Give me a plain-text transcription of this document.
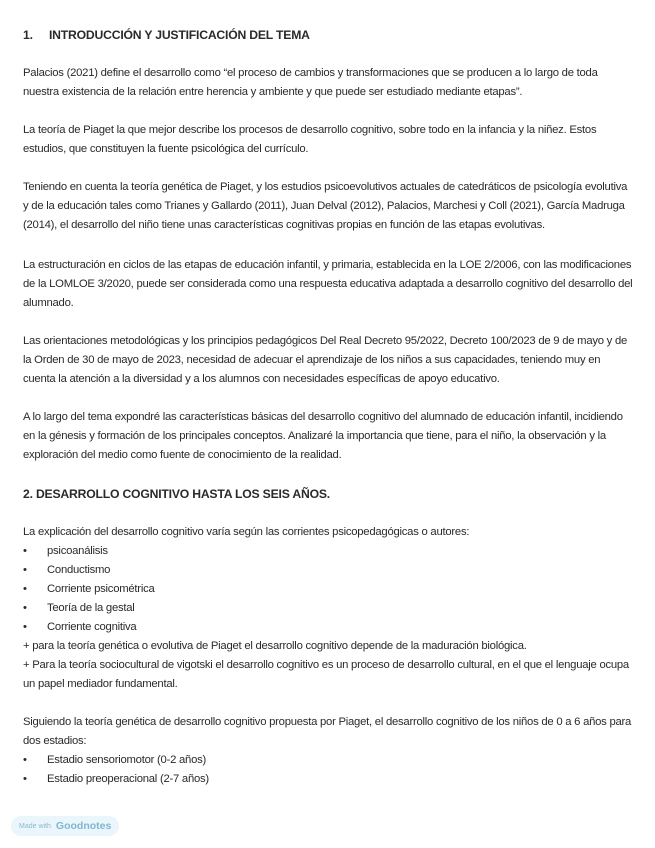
1. INTRODUCCIÓN Y JUSTIFICACIÓN DEL TEMA

Palacios (2021) define el desarrollo como “el proceso de cambios y transformaciones que se producen a lo largo de toda nuestra existencia de la relación entre herencia y ambiente y que puede ser estudiado mediante etapas”.

La teoría de Piaget la que mejor describe los procesos de desarrollo cognitivo, sobre todo en la infancia y la niñez. Estos estudios, que constituyen la fuente psicológica del currículo.

Teniendo en cuenta la teoría genética de Piaget, y los estudios psicoevolutivos actuales de catedráticos de psicología evolutiva y de la educación tales como Trianes y Gallardo (2011), Juan Delval (2012), Palacios, Marchesi y Coll (2021), García Madruga (2014), el desarrollo del niño tiene unas características cognitivas propias en función de las etapas evolutivas.

La estructuración en ciclos de las etapas de educación infantil, y primaria, establecida en la LOE 2/2006, con las modificaciones de la LOMLOE 3/2020, puede ser considerada como una respuesta educativa adaptada a desarrollo cognitivo del desarrollo del alumnado.

Las orientaciones metodológicas y los principios pedagógicos Del Real Decreto 95/2022, Decreto 100/2023 de 9 de mayo y de la Orden de 30 de mayo de 2023, necesidad de adecuar el aprendizaje de los niños a sus capacidades, teniendo muy en cuenta la atención a la diversidad y a los alumnos con necesidades específicas de apoyo educativo.

A lo largo del tema expondré las características básicas del desarrollo cognitivo del alumnado de educación infantil, incidiendo en la génesis y formación de los principales conceptos. Analizaré la importancia que tiene, para el niño, la observación y la exploración del medio como fuente de conocimiento de la realidad.

2. DESARROLLO COGNITIVO HASTA LOS SEIS AÑOS.

La explicación del desarrollo cognitivo varía según las corrientes psicopedagógicas o autores:

• psicoanálisis
• Conductismo
• Corriente psicométrica
• Teoría de la gestal
• Corriente cognitiva

+ para la teoría genética o evolutiva de Piaget el desarrollo cognitivo depende de la maduración biológica.

+ Para la teoría sociocultural de vigotski el desarrollo cognitivo es un proceso de desarrollo cultural, en el que el lenguaje ocupa un papel mediador fundamental.

Siguiendo la teoría genética de desarrollo cognitivo propuesta por Piaget, el desarrollo cognitivo de los niños de 0 a 6 años para dos estadios:

• Estadio sensoriomotor (0-2 años)
• Estadio preoperacional (2-7 años)
Made with Goodnotes
